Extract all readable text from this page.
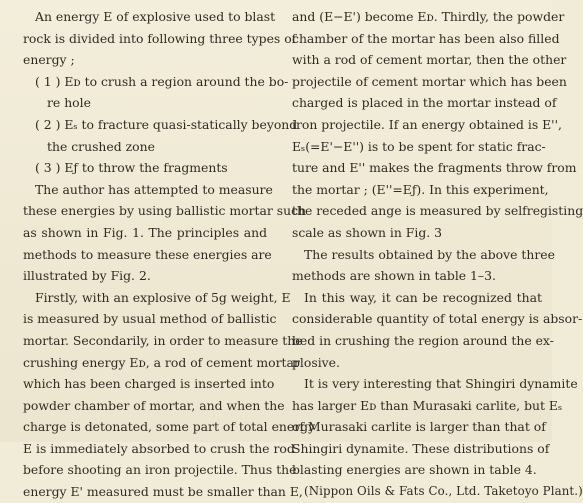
An energy E of explosive used to blast
rock is divided into following three types of
energy ;
( 1 ) Eᴅ to crush a region around the bo-
re hole
( 2 ) Eₛ to fracture quasi-statically beyond
the crushed zone
( 3 ) Eƒ to throw the fragments
The author has attempted to measure
these energies by using ballistic mortar such
as shown in Fig. 1. The principles and
methods to measure these energies are
illustrated by Fig. 2.
Firstly, with an explosive of 5g weight, E
is measured by usual method of ballistic
mortar. Secondarily, in order to measure the
crushing energy Eᴅ, a rod of cement mortar
which has been charged is inserted into
powder chamber of mortar, and when the
charge is detonated, some part of total energy
E is immediately absorbed to crush the rod
before shooting an iron projectile. Thus the
energy E' measured must be smaller than E,
and (E−E') become Eᴅ. Thirdly, the powder
chamber of the mortar has been also filled
with a rod of cement mortar, then the other
projectile of cement mortar which has been
charged is placed in the mortar instead of
iron projectile. If an energy obtained is E'',
Eₛ(=E'−E'') is to be spent for static frac-
ture and E'' makes the fragments throw from
the mortar ; (E''=Eƒ). In this experiment,
the receded ange is measured by selfregisting
scale as shown in Fig. 3
The results obtained by the above three
methods are shown in table 1–3.
In this way, it can be recognized that
considerable quantity of total energy is absor-
bed in crushing the region around the ex-
plosive.
It is very interesting that Shingiri dynamite
has larger Eᴅ than Murasaki carlite, but Eₛ
of Murasaki carlite is larger than that of
Shingiri dynamite. These distributions of
blasting energies are shown in table 4.
(Nippon Oils & Fats Co., Ltd. Taketoyo Plant.)
